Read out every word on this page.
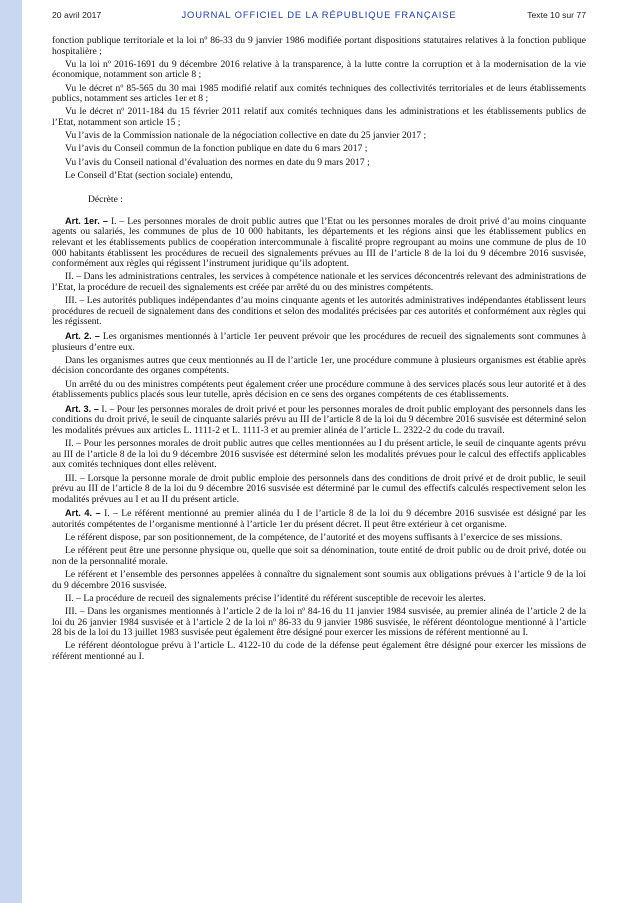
20 avril 2017	JOURNAL OFFICIEL DE LA RÉPUBLIQUE FRANÇAISE	Texte 10 sur 77

fonction publique territoriale et la loi nº 86-33 du 9 janvier 1986 modifiée portant dispositions statutaires relatives à la fonction publique hospitalière ;

Vu la loi nº 2016-1691 du 9 décembre 2016 relative à la transparence, à la lutte contre la corruption et à la modernisation de la vie économique, notamment son article 8 ;

Vu le décret nº 85-565 du 30 mai 1985 modifié relatif aux comités techniques des collectivités territoriales et de leurs établissements publics, notamment ses articles 1er et 8 ;

Vu le décret nº 2011-184 du 15 février 2011 relatif aux comités techniques dans les administrations et les établissements publics de l’Etat, notamment son article 15 ;

Vu l’avis de la Commission nationale de la négociation collective en date du 25 janvier 2017 ;

Vu l’avis du Conseil commun de la fonction publique en date du 6 mars 2017 ;

Vu l’avis du Conseil national d’évaluation des normes en date du 9 mars 2017 ;

Le Conseil d’Etat (section sociale) entendu,

Décrète :

Art. 1er. – I. – Les personnes morales de droit public autres que l’Etat ou les personnes morales de droit privé d’au moins cinquante agents ou salariés, les communes de plus de 10 000 habitants, les départements et les régions ainsi que les établissement publics en relevant et les établissements publics de coopération intercommunale à fiscalité propre regroupant au moins une commune de plus de 10 000 habitants établissent les procédures de recueil des signalements prévues au III de l’article 8 de la loi du 9 décembre 2016 susvisée, conformément aux règles qui régissent l’instrument juridique qu’ils adoptent.

II. – Dans les administrations centrales, les services à compétence nationale et les services déconcentrés relevant des administrations de l’Etat, la procédure de recueil des signalements est créée par arrêté du ou des ministres compétents.

III. – Les autorités publiques indépendantes d’au moins cinquante agents et les autorités administratives indépendantes établissent leurs procédures de recueil de signalement dans des conditions et selon des modalités précisées par ces autorités et conformément aux règles qui les régissent.

Art. 2. – Les organismes mentionnés à l’article 1er peuvent prévoir que les procédures de recueil des signalements sont communes à plusieurs d’entre eux.

Dans les organismes autres que ceux mentionnés au II de l’article 1er, une procédure commune à plusieurs organismes est établie après décision concordante des organes compétents.

Un arrêté du ou des ministres compétents peut également créer une procédure commune à des services placés sous leur autorité et à des établissements publics placés sous leur tutelle, après décision en ce sens des organes compétents de ces établissements.

Art. 3. – I. – Pour les personnes morales de droit privé et pour les personnes morales de droit public employant des personnels dans les conditions du droit privé, le seuil de cinquante salariés prévu au III de l’article 8 de la loi du 9 décembre 2016 susvisée est déterminé selon les modalités prévues aux articles L. 1111-2 et L. 1111-3 et au premier alinéa de l’article L. 2322-2 du code du travail.

II. – Pour les personnes morales de droit public autres que celles mentionnées au I du présent article, le seuil de cinquante agents prévu au III de l’article 8 de la loi du 9 décembre 2016 susvisée est déterminé selon les modalités prévues pour le calcul des effectifs applicables aux comités techniques dont elles relèvent.

III. – Lorsque la personne morale de droit public emploie des personnels dans des conditions de droit privé et de droit public, le seuil prévu au III de l’article 8 de la loi du 9 décembre 2016 susvisée est déterminé par le cumul des effectifs calculés respectivement selon les modalités prévues au I et au II du présent article.

Art. 4. – I. – Le référent mentionné au premier alinéa du I de l’article 8 de la loi du 9 décembre 2016 susvisée est désigné par les autorités compétentes de l’organisme mentionné à l’article 1er du présent décret. Il peut être extérieur à cet organisme.

Le référent dispose, par son positionnement, de la compétence, de l’autorité et des moyens suffisants à l’exercice de ses missions.

Le référent peut être une personne physique ou, quelle que soit sa dénomination, toute entité de droit public ou de droit privé, dotée ou non de la personnalité morale.

Le référent et l’ensemble des personnes appelées à connaître du signalement sont soumis aux obligations prévues à l’article 9 de la loi du 9 décembre 2016 susvisée.

II. – La procédure de recueil des signalements précise l’identité du référent susceptible de recevoir les alertes.

III. – Dans les organismes mentionnés à l’article 2 de la loi nº 84-16 du 11 janvier 1984 susvisée, au premier alinéa de l’article 2 de la loi du 26 janvier 1984 susvisée et à l’article 2 de la loi nº 86-33 du 9 janvier 1986 susvisée, le référent déontologue mentionné à l’article 28 bis de la loi du 13 juillet 1983 susvisée peut également être désigné pour exercer les missions de référent mentionné au I.

Le référent déontologue prévu à l’article L. 4122-10 du code de la défense peut également être désigné pour exercer les missions de référent mentionné au I.
